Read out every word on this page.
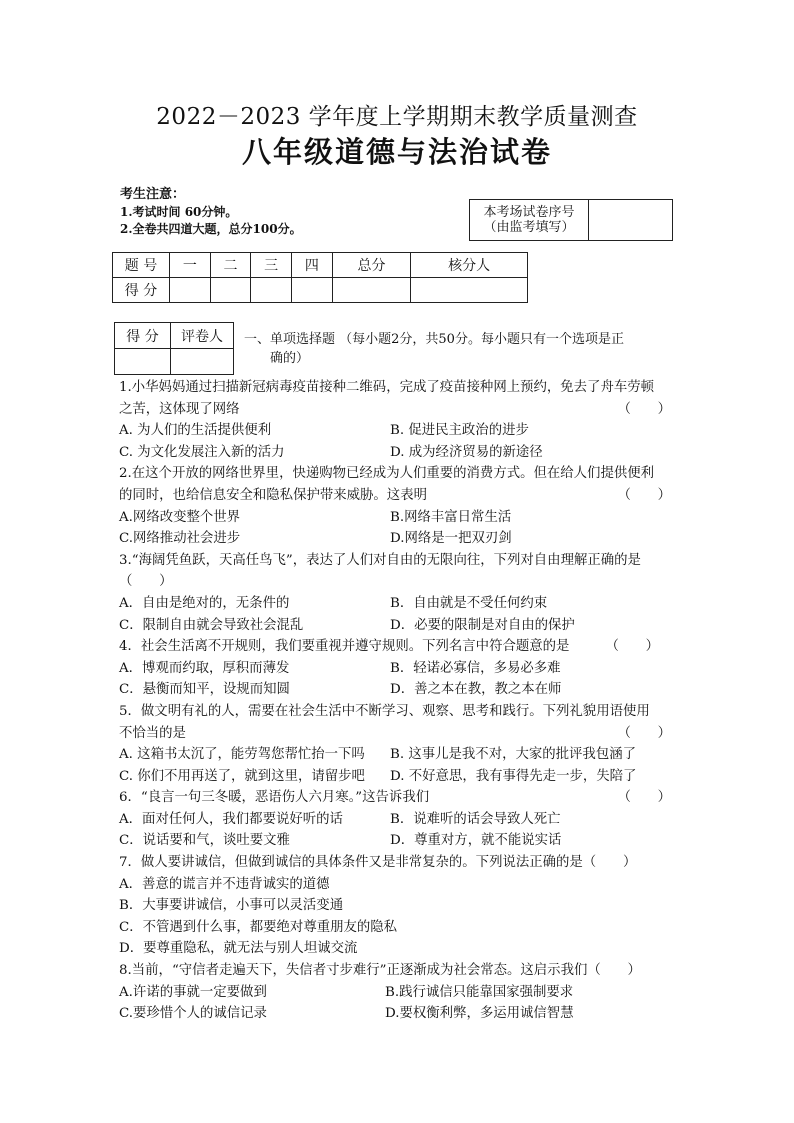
2022－2023 学年度上学期期末教学质量测查
八年级道德与法治试卷
考生注意：
1.考试时间 60分钟。
2.全卷共四道大题，总分100分。
本考场试卷序号
（由监考填写）

题 号	一	二	三	四	总分	核分人
得 分						
得 分	评卷人
	一、单项选择题 （每小题2分，共50分。每小题只有一个选项是正
确的）
1.小华妈妈通过扫描新冠病毒疫苗接种二维码，完成了疫苗接种网上预约，免去了舟车劳顿
之苦，这体现了网络	（　　）
A. 为人们的生活提供便利	B. 促进民主政治的进步
C. 为文化发展注入新的活力	D. 成为经济贸易的新途径
2.在这个开放的网络世界里，快递购物已经成为人们重要的消费方式。但在给人们提供便利
的同时，也给信息安全和隐私保护带来威胁。这表明	（　　）
A.网络改变整个世界	B.网络丰富日常生活
C.网络推动社会进步	D.网络是一把双刃剑
3.“海阔凭鱼跃，天高任鸟飞”，表达了人们对自由的无限向往，下列对自由理解正确的是
（　　）
A．自由是绝对的，无条件的	B．自由就是不受任何约束
C．限制自由就会导致社会混乱	D．必要的限制是对自由的保护
4．社会生活离不开规则，我们要重视并遵守规则。下列名言中符合题意的是	（　　）
A．博观而约取，厚积而薄发	B．轻诺必寡信，多易必多难
C．悬衡而知平，设规而知圆	D．善之本在教，教之本在师
5．做文明有礼的人，需要在社会生活中不断学习、观察、思考和践行。下列礼貌用语使用
不恰当的是	（　　）
A. 这箱书太沉了，能劳驾您帮忙抬一下吗	B. 这事儿是我不对，大家的批评我包涵了
C. 你们不用再送了，就到这里，请留步吧	D. 不好意思，我有事得先走一步，失陪了
6．“良言一句三冬暖，恶语伤人六月寒。”这告诉我们	（　　）
A．面对任何人，我们都要说好听的话	B．说难听的话会导致人死亡
C．说话要和气，谈吐要文雅	D．尊重对方，就不能说实话
7．做人要讲诚信，但做到诚信的具体条件又是非常复杂的。下列说法正确的是（　　）
A．善意的谎言并不违背诚实的道德
B．大事要讲诚信，小事可以灵活变通
C．不管遇到什么事，都要绝对尊重朋友的隐私
D．要尊重隐私，就无法与别人坦诚交流
8.当前，“守信者走遍天下，失信者寸步难行”正逐渐成为社会常态。这启示我们（　　）
A.许诺的事就一定要做到	B.践行诚信只能靠国家强制要求
C.要珍惜个人的诚信记录	D.要权衡利弊，多运用诚信智慧
